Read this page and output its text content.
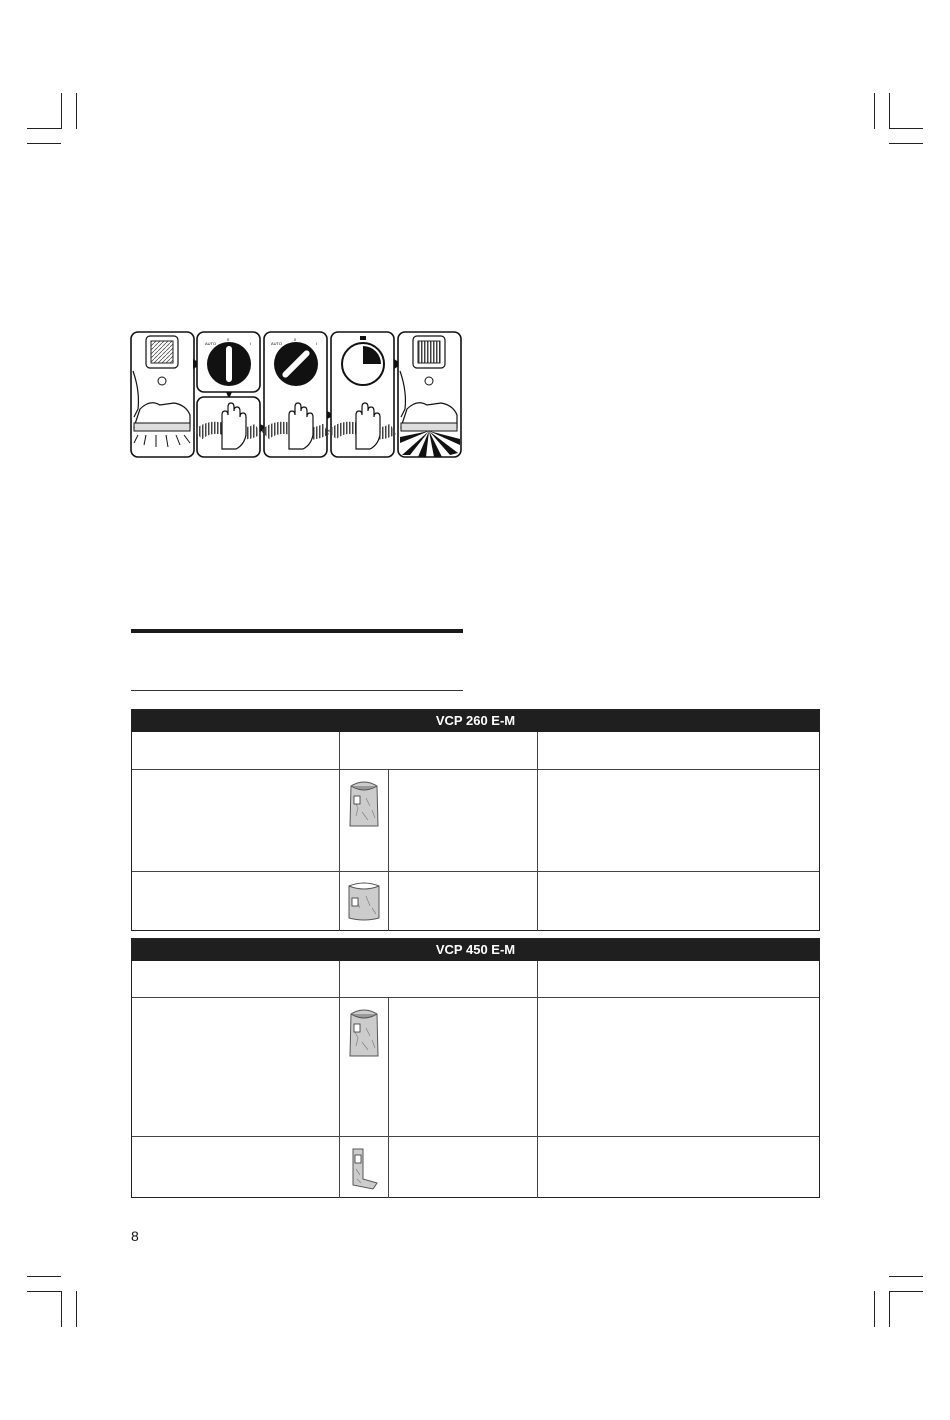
AUTO
0
I	AUTO
0
I
VCP 260 E-M
VCP 450 E-M
8
